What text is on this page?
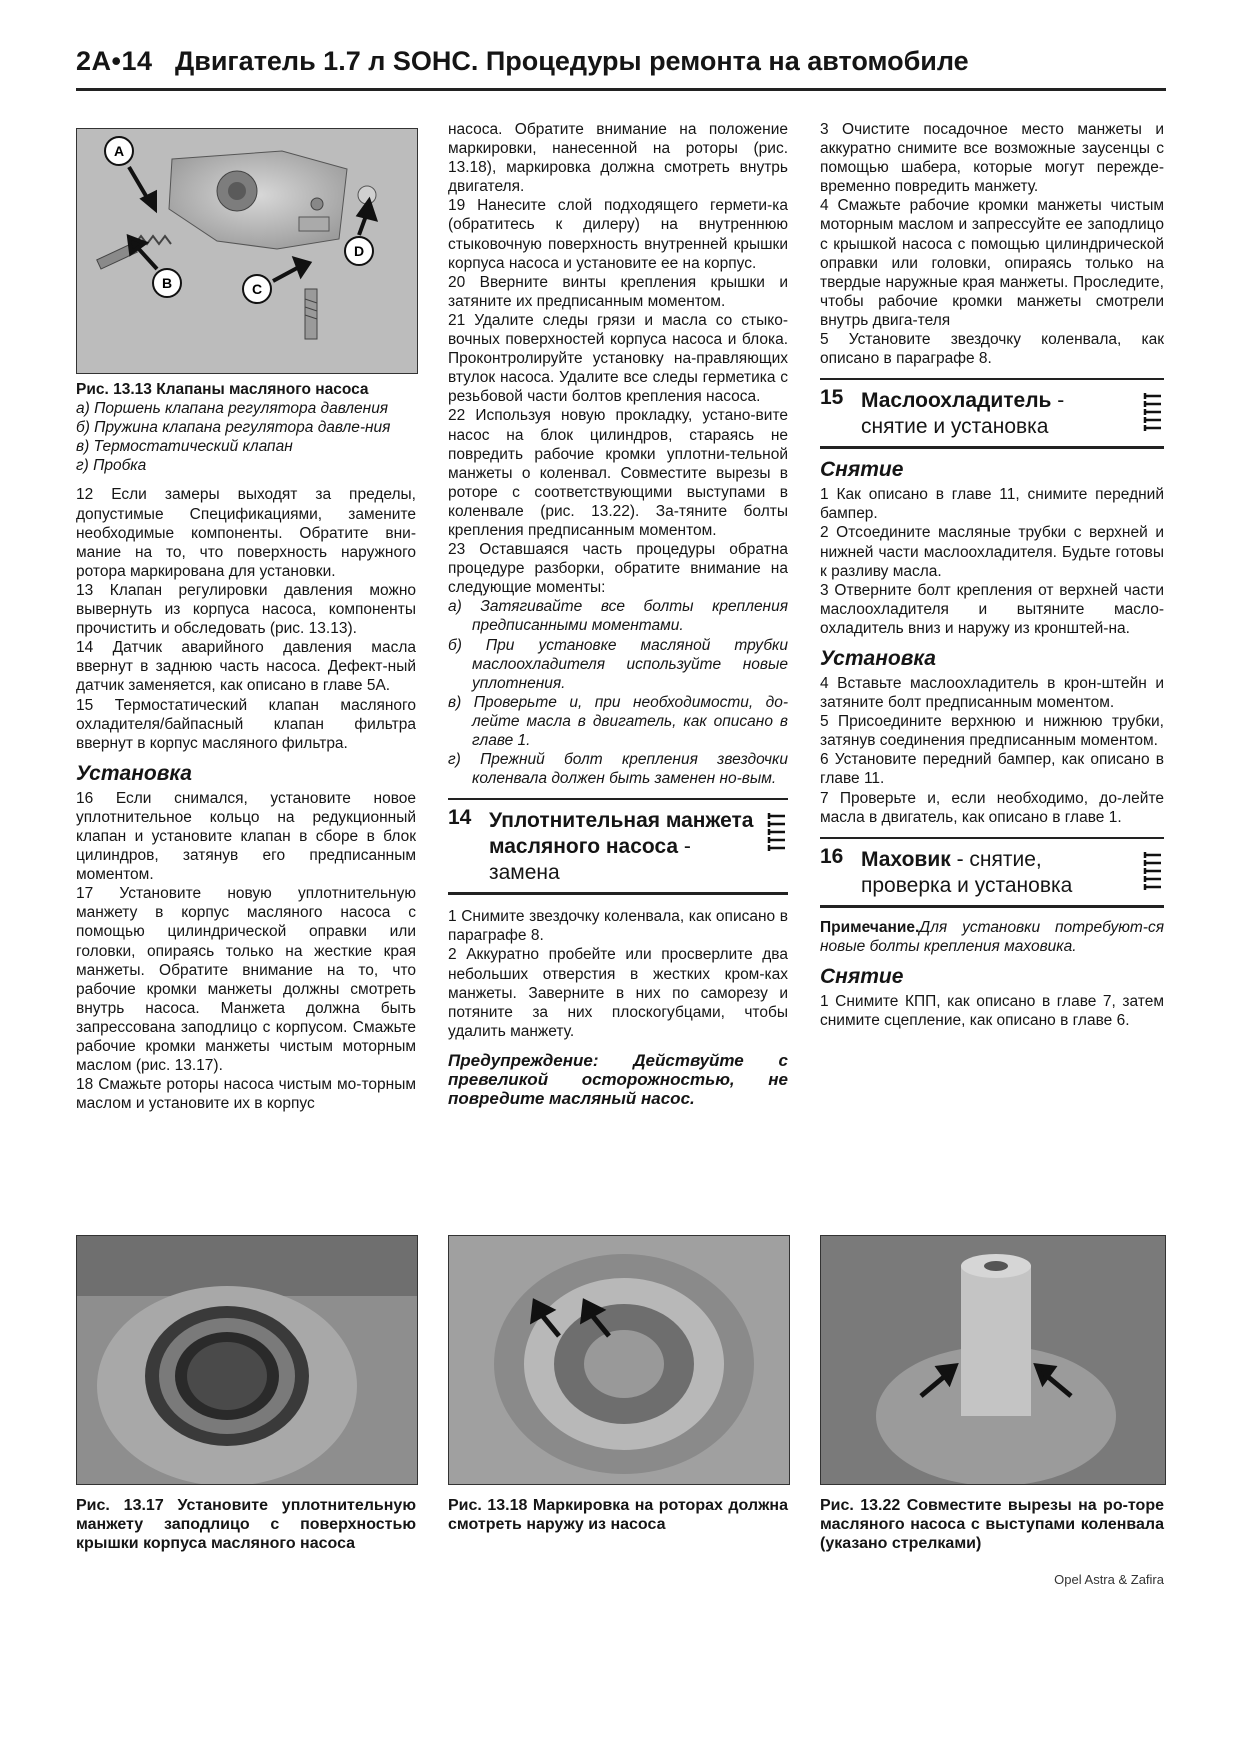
2A•14 Двигатель 1.7 л SOHC. Процедуры ремонта на автомобиле
A
B	C
D
Рис. 13.13 Клапаны масляного насоса
а) Поршень клапана регулятора давления
б) Пружина клапана регулятора давле-ния
в) Термостатический клапан
г) Пробка

12 Если замеры выходят за пределы, допустимые Спецификациями, замените необходимые компоненты. Обратите вни-мание на то, что поверхность наружного ротора маркирована для установки.

13 Клапан регулировки давления можно вывернуть из корпуса насоса, компоненты прочистить и обследовать (рис. 13.13).

14 Датчик аварийного давления масла ввернут в заднюю часть насоса. Дефект-ный датчик заменяется, как описано в главе 5А.

15 Термостатический клапан масляного охладителя/байпасный клапан фильтра ввернут в корпус масляного фильтра.

Установка

16 Если снимался, установите новое уплотнительное кольцо на редукционный клапан и установите клапан в сборе в блок цилиндров, затянув его предписанным моментом.

17 Установите новую уплотнительную манжету в корпус масляного насоса с помощью цилиндрической оправки или головки, опираясь только на жесткие края манжеты. Обратите внимание на то, что рабочие кромки манжеты должны смотреть внутрь насоса. Манжета должна быть запрессована заподлицо с корпусом. Смажьте рабочие кромки манжеты чистым моторным маслом (рис. 13.17).

18 Смажьте роторы насоса чистым мо-торным маслом и установите их в корпус

насоса. Обратите внимание на положение маркировки, нанесенной на роторы (рис. 13.18), маркировка должна смотреть внутрь двигателя.

19 Нанесите слой подходящего гермети-ка (обратитесь к дилеру) на внутреннюю стыковочную поверхность внутренней крышки корпуса насоса и установите ее на корпус.

20 Вверните винты крепления крышки и затяните их предписанным моментом.

21 Удалите следы грязи и масла со стыко-вочных поверхностей корпуса насоса и блока. Проконтролируйте установку на-правляющих втулок насоса. Удалите все следы герметика с резьбовой части болтов крепления насоса.

22 Используя новую прокладку, устано-вите насос на блок цилиндров, стараясь не повредить рабочие кромки уплотни-тельной манжеты о коленвал. Совместите вырезы в роторе с соответствующими выступами в коленвале (рис. 13.22). За-тяните болты крепления предписанным моментом.

23 Оставшаяся часть процедуры обратна процедуре разборки, обратите внимание на следующие моменты:

а) Затягивайте все болты крепления предписанными моментами.

б) При установке масляной трубки маслоохладителя используйте новые уплотнения.

в) Проверьте и, при необходимости, до-лейте масла в двигатель, как описано в главе 1.

г) Прежний болт крепления звездочки коленвала должен быть заменен но-вым.

14 Уплотнительная манжета масляного насоса - замена

1 Снимите звездочку коленвала, как описано в параграфе 8.

2 Аккуратно пробейте или просверлите два небольших отверстия в жестких кром-ках манжеты. Заверните в них по саморезу и потяните за них плоскогубцами, чтобы удалить манжету.

Предупреждение: Действуйте с превеликой осторожностью, не повредите масляный насос.

3 Очистите посадочное место манжеты и аккуратно снимите все возможные заусенцы с помощью шабера, которые могут пережде-временно повредить манжету.

4 Смажьте рабочие кромки манжеты чистым моторным маслом и запрессуйте ее заподлицо с крышкой насоса с помощью цилиндрической оправки или головки, опираясь только на твердые наружные края манжеты. Проследите, чтобы рабочие кромки манжеты смотрели внутрь двига-теля

5 Установите звездочку коленвала, как описано в параграфе 8.

15 Маслоохладитель - снятие и установка
Снятие

1 Как описано в главе 11, снимите передний бампер.

2 Отсоедините масляные трубки с верхней и нижней части маслоохладителя. Будьте готовы к разливу масла.

3 Отверните болт крепления от верхней части маслоохладителя и вытяните масло-охладитель вниз и наружу из кронштей-на.

Установка

4 Вставьте маслоохладитель в крон-штейн и затяните болт предписанным моментом.

5 Присоедините верхнюю и нижнюю трубки, затянув соединения предписанным моментом.

6 Установите передний бампер, как описано в главе 11.

7 Проверьте и, если необходимо, до-лейте масла в двигатель, как описано в главе 1.

16 Маховик - снятие, проверка и установка

Примечание.Для установки потребуют-ся новые болты крепления маховика.

Снятие

1 Снимите КПП, как описано в главе 7, затем снимите сцепление, как описано в главе 6.

Рис. 13.17 Установите уплотнительную манжету заподлицо с поверхностью крышки корпуса масляного насоса
Рис. 13.18 Маркировка на роторах должна смотреть наружу из насоса
Рис. 13.22 Совместите вырезы на ро-торе масляного насоса с выступами коленвала (указано стрелками)
Opel Astra & Zafira
